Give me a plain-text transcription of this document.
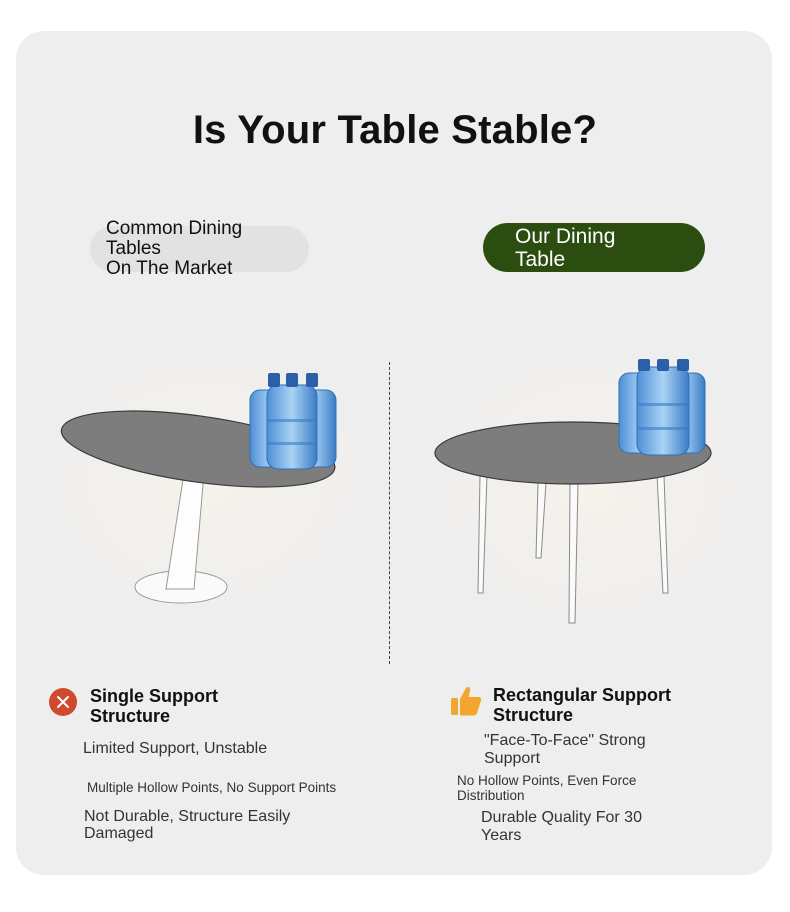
Is Your Table Stable?
Common Dining Tables
On The Market
Our Dining
Table
Single Support
Structure
Limited Support, Unstable
Multiple Hollow Points, No Support Points
Not Durable, Structure Easily
Damaged
Rectangular Support
Structure
"Face-To-Face" Strong
Support
No Hollow Points, Even Force
Distribution
Durable Quality For 30
Years
